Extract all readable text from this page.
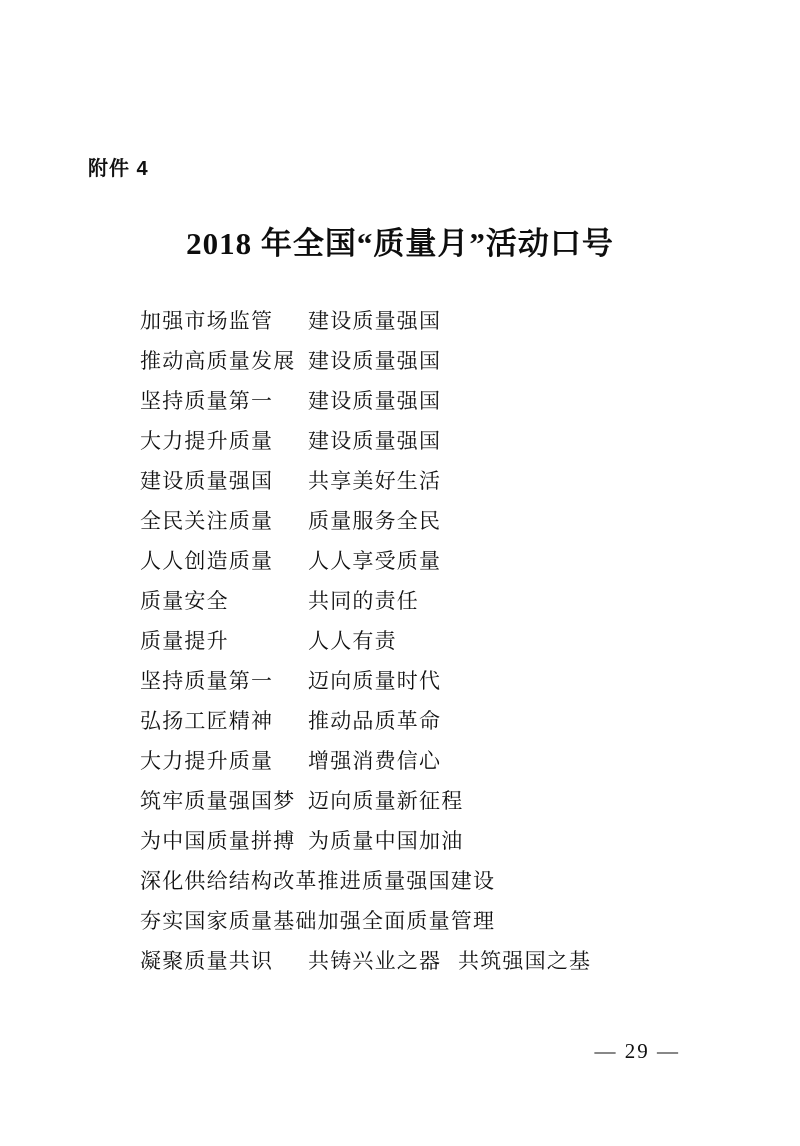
附件 4
2018 年全国“质量月”活动口号
加强市场监管	建设质量强国
推动高质量发展 建设质量强国
坚持质量第一	建设质量强国
大力提升质量	建设质量强国
建设质量强国	共享美好生活
全民关注质量	质量服务全民
人人创造质量	人人享受质量
质量安全	共同的责任
质量提升	人人有责
坚持质量第一	迈向质量时代
弘扬工匠精神	推动品质革命
大力提升质量	增强消费信心
筑牢质量强国梦 迈向质量新征程
为中国质量拼搏 为质量中国加油
深化供给结构改革 推进质量强国建设
夯实国家质量基础 加强全面质量管理
凝聚质量共识	共铸兴业之器 共筑强国之基
— 29 —
